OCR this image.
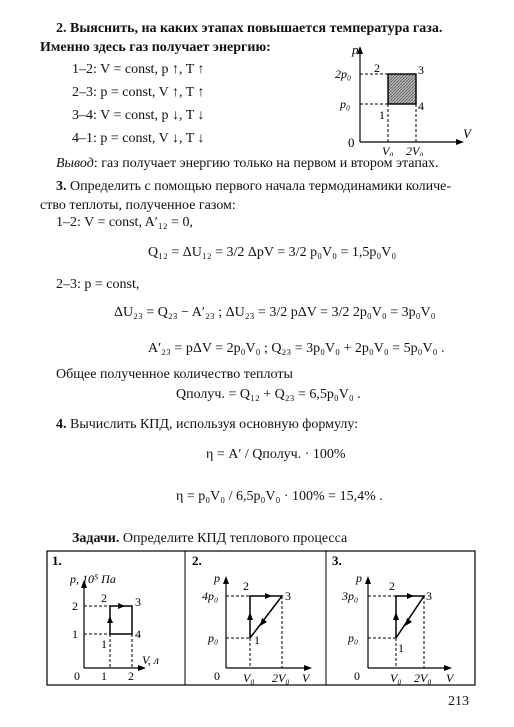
2. Выяснить, на каких этапах повышается температура газа.
Именно здесь газ получает энергию:
1–2: V = const, p ↑, T ↑
2–3: p = const, V ↑, T ↑
3–4: V = const, p ↓, T ↓
4–1: p = const, V ↓, T ↓
p
V
0
2p₀
p₀
V₀ 2V₀
1
2	3
4
Вывод: газ получает энергию только на первом и втором этапах.
3. Определить с помощью первого начала термодинамики количе-
ство теплоты, полученное газом:
1–2: V = const, A′₁₂ = 0,
Q₁₂ = ΔU₁₂ = 3/2 ΔpV = 3/2 p₀V₀ = 1,5p₀V₀
2–3: p = const,
ΔU₂₃ = Q₂₃ − A′₂₃ ; ΔU₂₃ = 3/2 pΔV = 3/2 2p₀V₀ = 3p₀V₀
A′₂₃ = pΔV = 2p₀V₀ ; Q₂₃ = 3p₀V₀ + 2p₀V₀ = 5p₀V₀ .
Общее полученное количество теплоты
Qполуч. = Q₁₂ + Q₂₃ = 6,5p₀V₀ .
4. Вычислить КПД, используя основную формулу:
η = A′ / Qполуч. · 100%
η = p₀V₀ / 6,5p₀V₀ · 100% = 15,4% .
Задачи. Определите КПД теплового процесса
1.
p, 10⁵ Па
V, л
0
2
1
1 2
2 3
4
1
2.
p
V
0
4p₀
p₀
V₀ 2V₀
2
3
1
3.
p
V
0
3p₀
p₀
V₀ 2V₀
2
3
1
213
